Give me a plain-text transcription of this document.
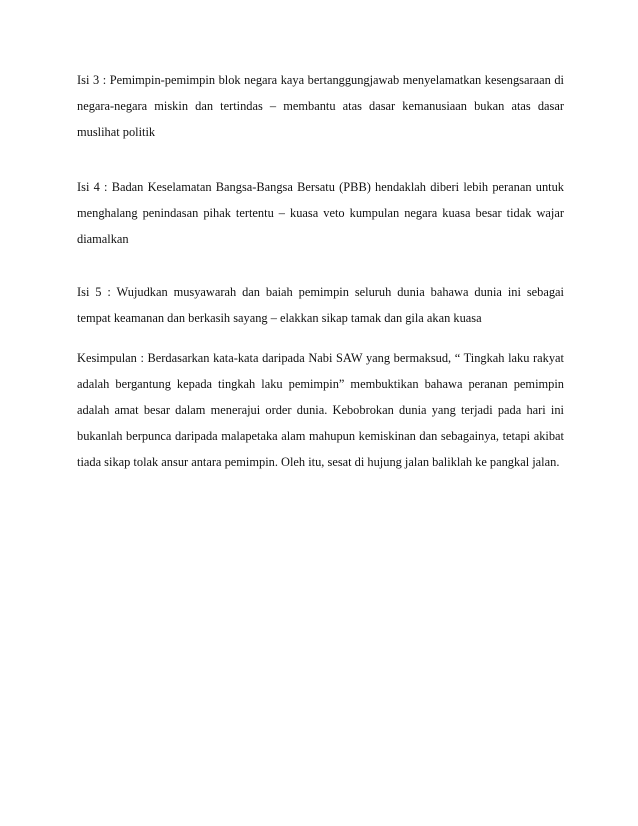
Isi 3 : Pemimpin-pemimpin blok negara kaya bertanggungjawab menyelamatkan kesengsaraan di
negara-negara miskin dan tertindas – membantu atas dasar kemanusiaan bukan atas dasar
muslihat politik
Isi 4 : Badan Keselamatan Bangsa-Bangsa Bersatu (PBB) hendaklah diberi lebih peranan untuk
menghalang penindasan pihak tertentu – kuasa veto kumpulan negara kuasa besar tidak wajar
diamalkan
Isi 5 : Wujudkan musyawarah dan baiah pemimpin seluruh dunia bahawa dunia ini sebagai
tempat keamanan dan berkasih sayang – elakkan sikap tamak dan gila akan kuasa
Kesimpulan : Berdasarkan kata-kata daripada Nabi SAW yang bermaksud, “ Tingkah laku rakyat
adalah bergantung kepada tingkah laku pemimpin” membuktikan bahawa peranan pemimpin
adalah amat besar dalam menerajui order dunia. Kebobrokan dunia yang terjadi pada hari ini
bukanlah berpunca daripada malapetaka alam mahupun kemiskinan dan sebagainya, tetapi akibat
tiada sikap tolak ansur antara pemimpin. Oleh itu, sesat di hujung jalan baliklah ke pangkal jalan.
